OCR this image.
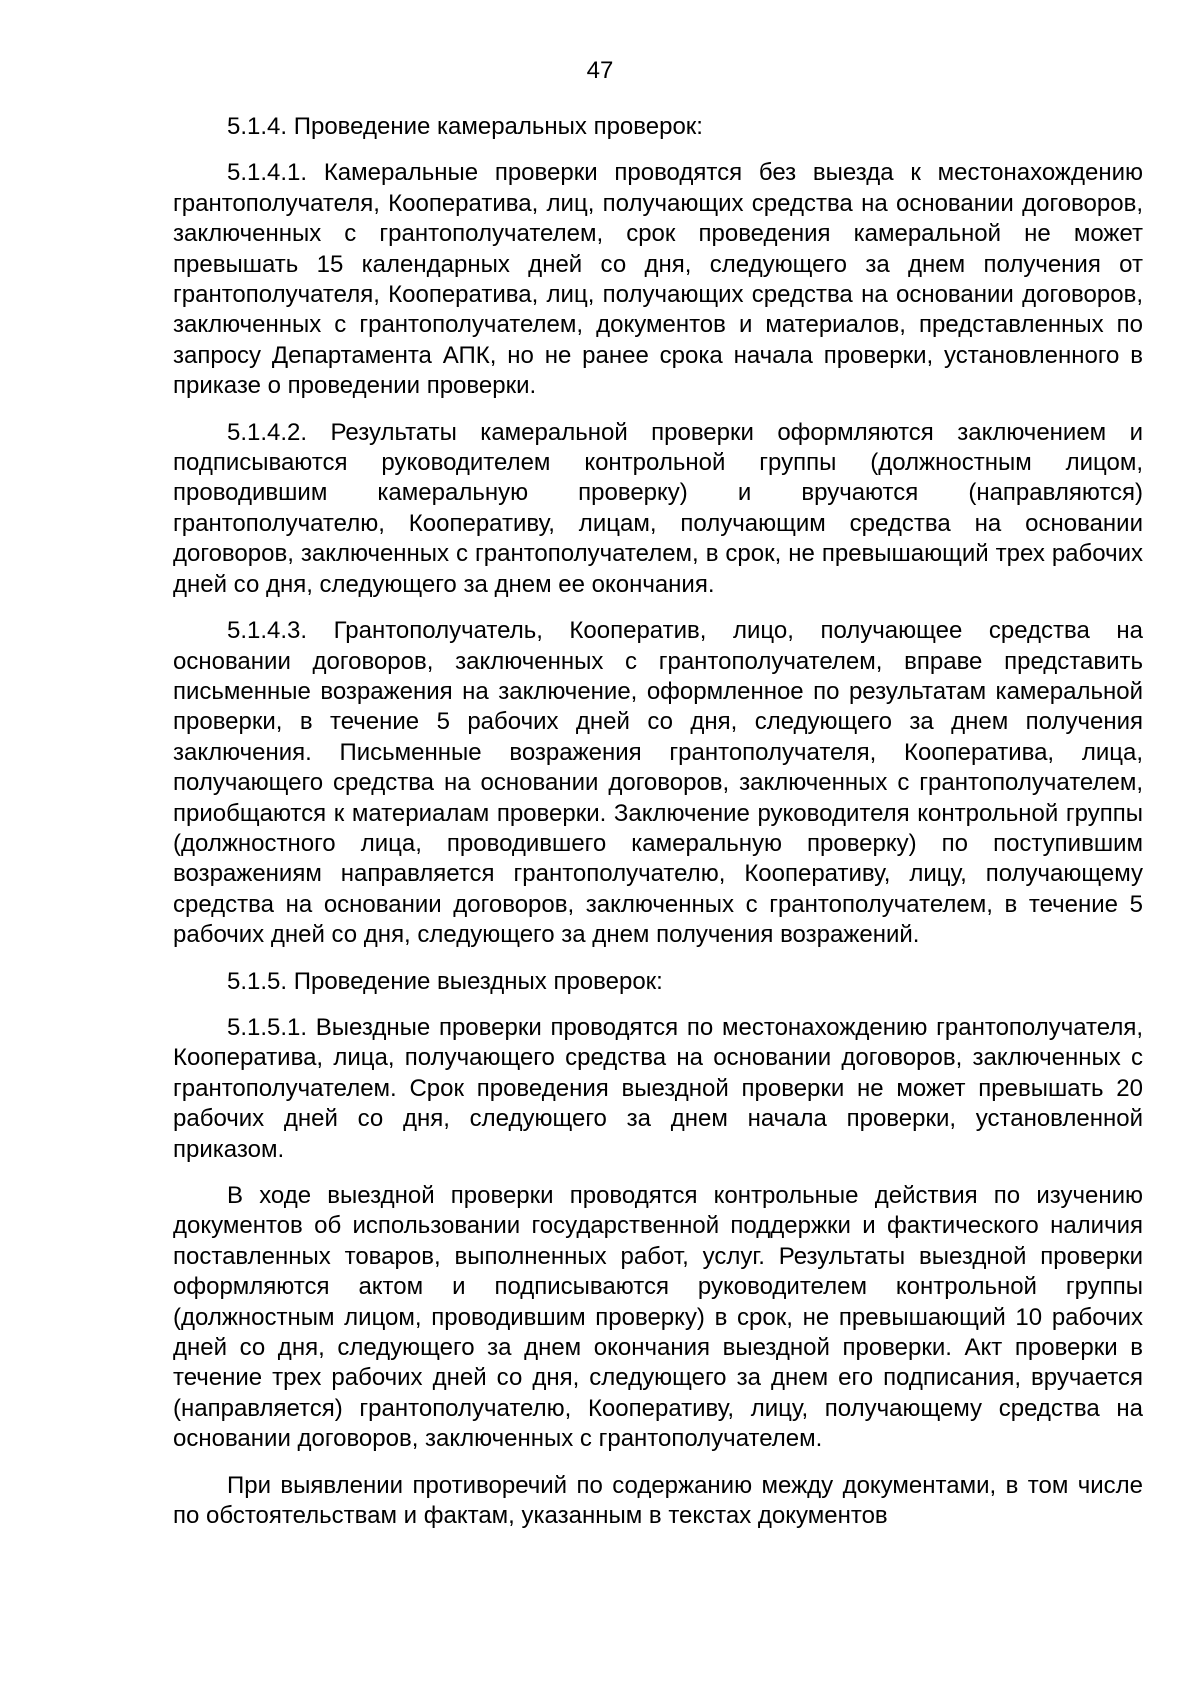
47

5.1.4. Проведение камеральных проверок:

5.1.4.1. Камеральные проверки проводятся без выезда к местонахождению грантополучателя, Кооператива, лиц, получающих средства на основании договоров, заключенных с грантополучателем, срок проведения камеральной не может превышать 15 календарных дней со дня, следующего за днем получения от грантополучателя, Кооператива, лиц, получающих средства на основании договоров, заключенных с грантополучателем, документов и материалов, представленных по запросу Департамента АПК, но не ранее срока начала проверки, установленного в приказе о проведении проверки.

5.1.4.2. Результаты камеральной проверки оформляются заключением и подписываются руководителем контрольной группы (должностным лицом, проводившим камеральную проверку) и вручаются (направляются) грантополучателю, Кооперативу, лицам, получающим средства на основании договоров, заключенных с грантополучателем, в срок, не превышающий трех рабочих дней со дня, следующего за днем ее окончания.

5.1.4.3. Грантополучатель, Кооператив, лицо, получающее средства на основании договоров, заключенных с грантополучателем, вправе представить письменные возражения на заключение, оформленное по результатам камеральной проверки, в течение 5 рабочих дней со дня, следующего за днем получения заключения. Письменные возражения грантополучателя, Кооператива, лица, получающего средства на основании договоров, заключенных с грантополучателем, приобщаются к материалам проверки. Заключение руководителя контрольной группы (должностного лица, проводившего камеральную проверку) по поступившим возражениям направляется грантополучателю, Кооперативу, лицу, получающему средства на основании договоров, заключенных с грантополучателем, в течение 5 рабочих дней со дня, следующего за днем получения возражений.

5.1.5. Проведение выездных проверок:

5.1.5.1. Выездные проверки проводятся по местонахождению грантополучателя, Кооператива, лица, получающего средства на основании договоров, заключенных с грантополучателем. Срок проведения выездной проверки не может превышать 20 рабочих дней со дня, следующего за днем начала проверки, установленной приказом.

В ходе выездной проверки проводятся контрольные действия по изучению документов об использовании государственной поддержки и фактического наличия поставленных товаров, выполненных работ, услуг. Результаты выездной проверки оформляются актом и подписываются руководителем контрольной группы (должностным лицом, проводившим проверку) в срок, не превышающий 10 рабочих дней со дня, следующего за днем окончания выездной проверки. Акт проверки в течение трех рабочих дней со дня, следующего за днем его подписания, вручается (направляется) грантополучателю, Кооперативу, лицу, получающему средства на основании договоров, заключенных с грантополучателем.

При выявлении противоречий по содержанию между документами, в том числе по обстоятельствам и фактам, указанным в текстах документов
